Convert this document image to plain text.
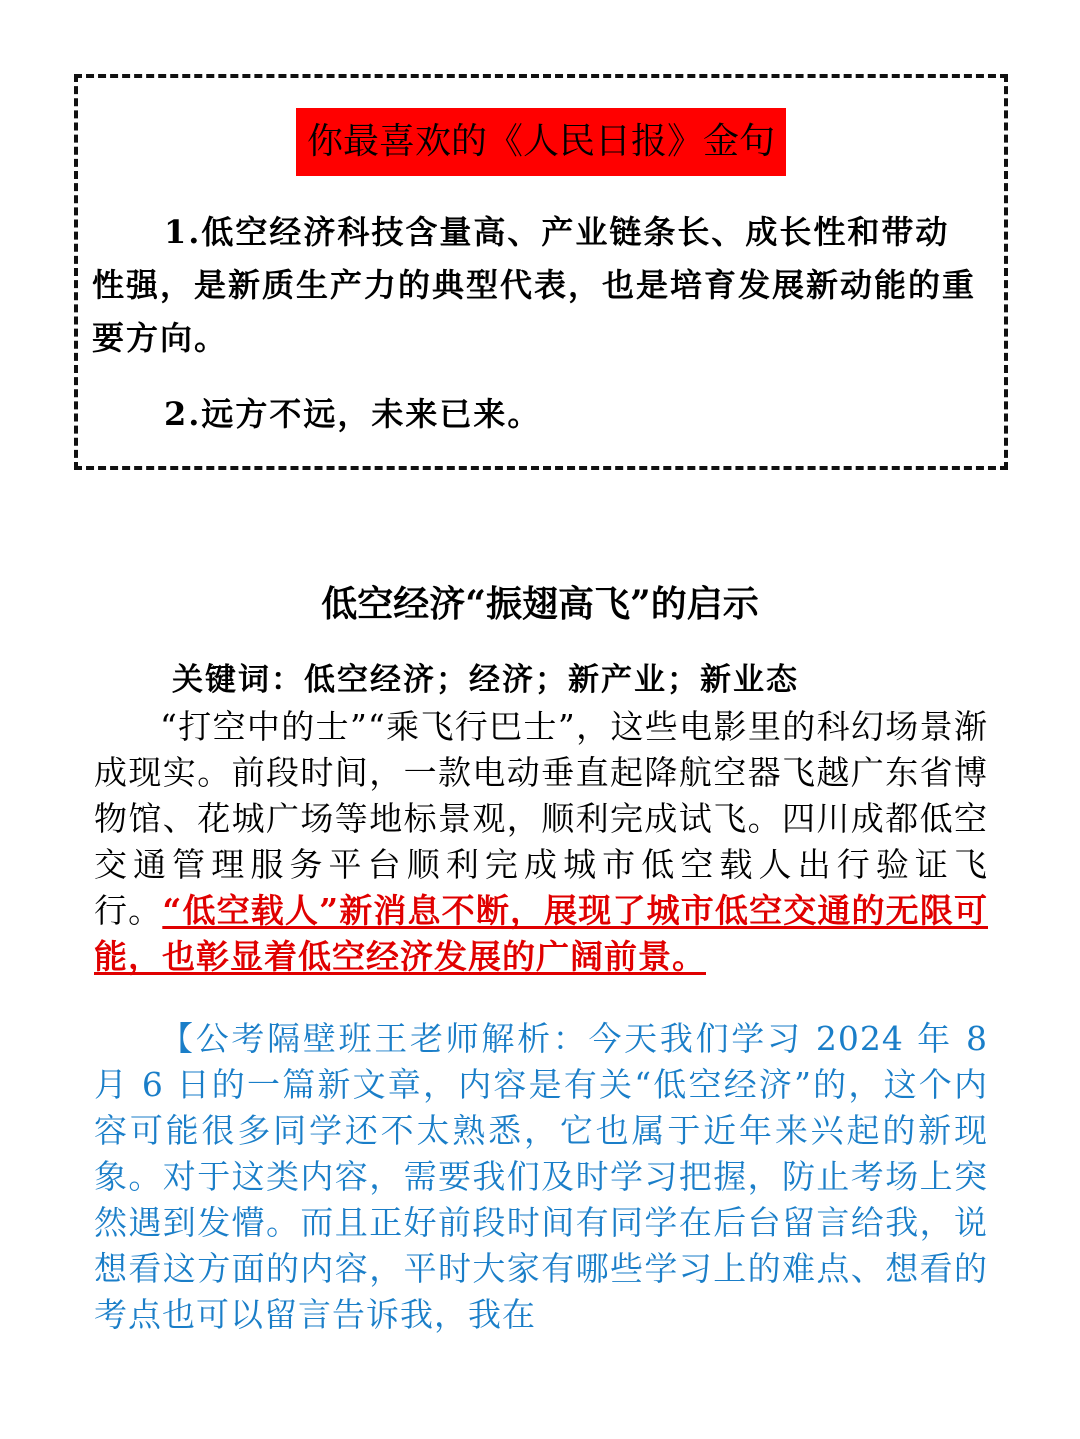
你最喜欢的《人民日报》金句

1.低空经济科技含量高、产业链条长、成长性和带动性强，是新质生产力的典型代表，也是培育发展新动能的重要方向。

2.远方不远，未来已来。

低空经济“振翅高飞”的启示
关键词：低空经济；经济；新产业；新业态

“打空中的士”“乘飞行巴士”，这些电影里的科幻场景渐成现实。前段时间，一款电动垂直起降航空器飞越广东省博物馆、花城广场等地标景观，顺利完成试飞。四川成都低空交通管理服务平台顺利完成城市低空载人出行验证飞行。“低空载人”新消息不断，展现了城市低空交通的无限可能，也彰显着低空经济发展的广阔前景。

【公考隔壁班王老师解析：今天我们学习 2024 年 8 月 6 日的一篇新文章，内容是有关“低空经济”的，这个内容可能很多同学还不太熟悉，它也属于近年来兴起的新现象。对于这类内容，需要我们及时学习把握，防止考场上突然遇到发懵。而且正好前段时间有同学在后台留言给我，说想看这方面的内容，平时大家有哪些学习上的难点、想看的考点也可以留言告诉我，我在
